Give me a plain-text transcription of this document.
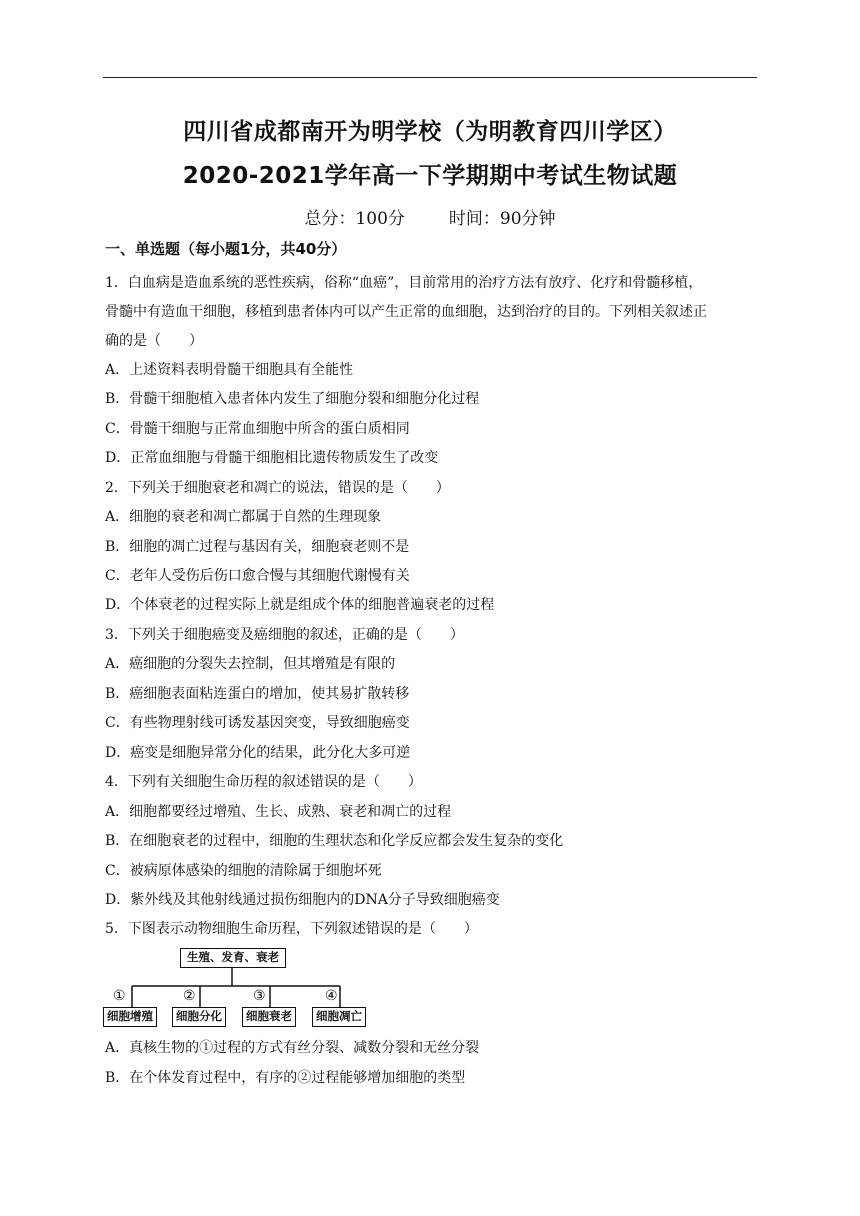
四川省成都南开为明学校（为明教育四川学区）
2020-2021学年高一下学期期中考试生物试题
总分：100分	时间：90分钟
一、单选题（每小题1分，共40分）
1．白血病是造血系统的恶性疾病，俗称“血癌”，目前常用的治疗方法有放疗、化疗和骨髓移植，
骨髓中有造血干细胞，移植到患者体内可以产生正常的血细胞，达到治疗的目的。下列相关叙述正
确的是（　　）
A．上述资料表明骨髓干细胞具有全能性
B．骨髓干细胞植入患者体内发生了细胞分裂和细胞分化过程
C．骨髓干细胞与正常血细胞中所含的蛋白质相同
D．正常血细胞与骨髓干细胞相比遗传物质发生了改变
2．下列关于细胞衰老和凋亡的说法，错误的是（　　）
A．细胞的衰老和凋亡都属于自然的生理现象
B．细胞的凋亡过程与基因有关，细胞衰老则不是
C．老年人受伤后伤口愈合慢与其细胞代谢慢有关
D．个体衰老的过程实际上就是组成个体的细胞普遍衰老的过程
3．下列关于细胞癌变及癌细胞的叙述，正确的是（　　）
A．癌细胞的分裂失去控制，但其增殖是有限的
B．癌细胞表面粘连蛋白的增加，使其易扩散转移
C．有些物理射线可诱发基因突变，导致细胞癌变
D．癌变是细胞异常分化的结果，此分化大多可逆
4．下列有关细胞生命历程的叙述错误的是（　　）
A．细胞都要经过增殖、生长、成熟、衰老和凋亡的过程
B．在细胞衰老的过程中，细胞的生理状态和化学反应都会发生复杂的变化
C．被病原体感染的细胞的清除属于细胞坏死
D．紫外线及其他射线通过损伤细胞内的DNA分子导致细胞癌变
5．下图表示动物细胞生命历程，下列叙述错误的是（　　）
生殖、发育、衰老
①	②	③	④
细胞增殖	细胞分化	细胞衰老	细胞凋亡
A．真核生物的①过程的方式有丝分裂、减数分裂和无丝分裂
B．在个体发育过程中，有序的②过程能够增加细胞的类型
